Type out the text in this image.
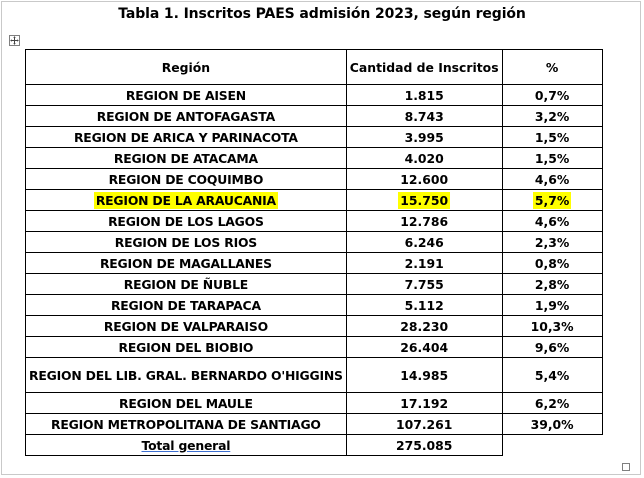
Tabla 1. Inscritos PAES admisión 2023, según región
Región	Cantidad de Inscritos	%
REGION DE AISEN	1.815	0,7%
REGION DE ANTOFAGASTA	8.743	3,2%
REGION DE ARICA Y PARINACOTA	3.995	1,5%
REGION DE ATACAMA	4.020	1,5%
REGION DE COQUIMBO	12.600	4,6%
REGION DE LA ARAUCANIA	15.750	5,7%
REGION DE LOS LAGOS	12.786	4,6%
REGION DE LOS RIOS	6.246	2,3%
REGION DE MAGALLANES	2.191	0,8%
REGION DE ÑUBLE	7.755	2,8%
REGION DE TARAPACA	5.112	1,9%
REGION DE VALPARAISO	28.230	10,3%
REGION DEL BIOBIO	26.404	9,6%
REGION DEL LIB. GRAL. BERNARDO O'HIGGINS	14.985	5,4%
REGION DEL MAULE	17.192	6,2%
REGION METROPOLITANA DE SANTIAGO	107.261	39,0%
Total general	275.085	
